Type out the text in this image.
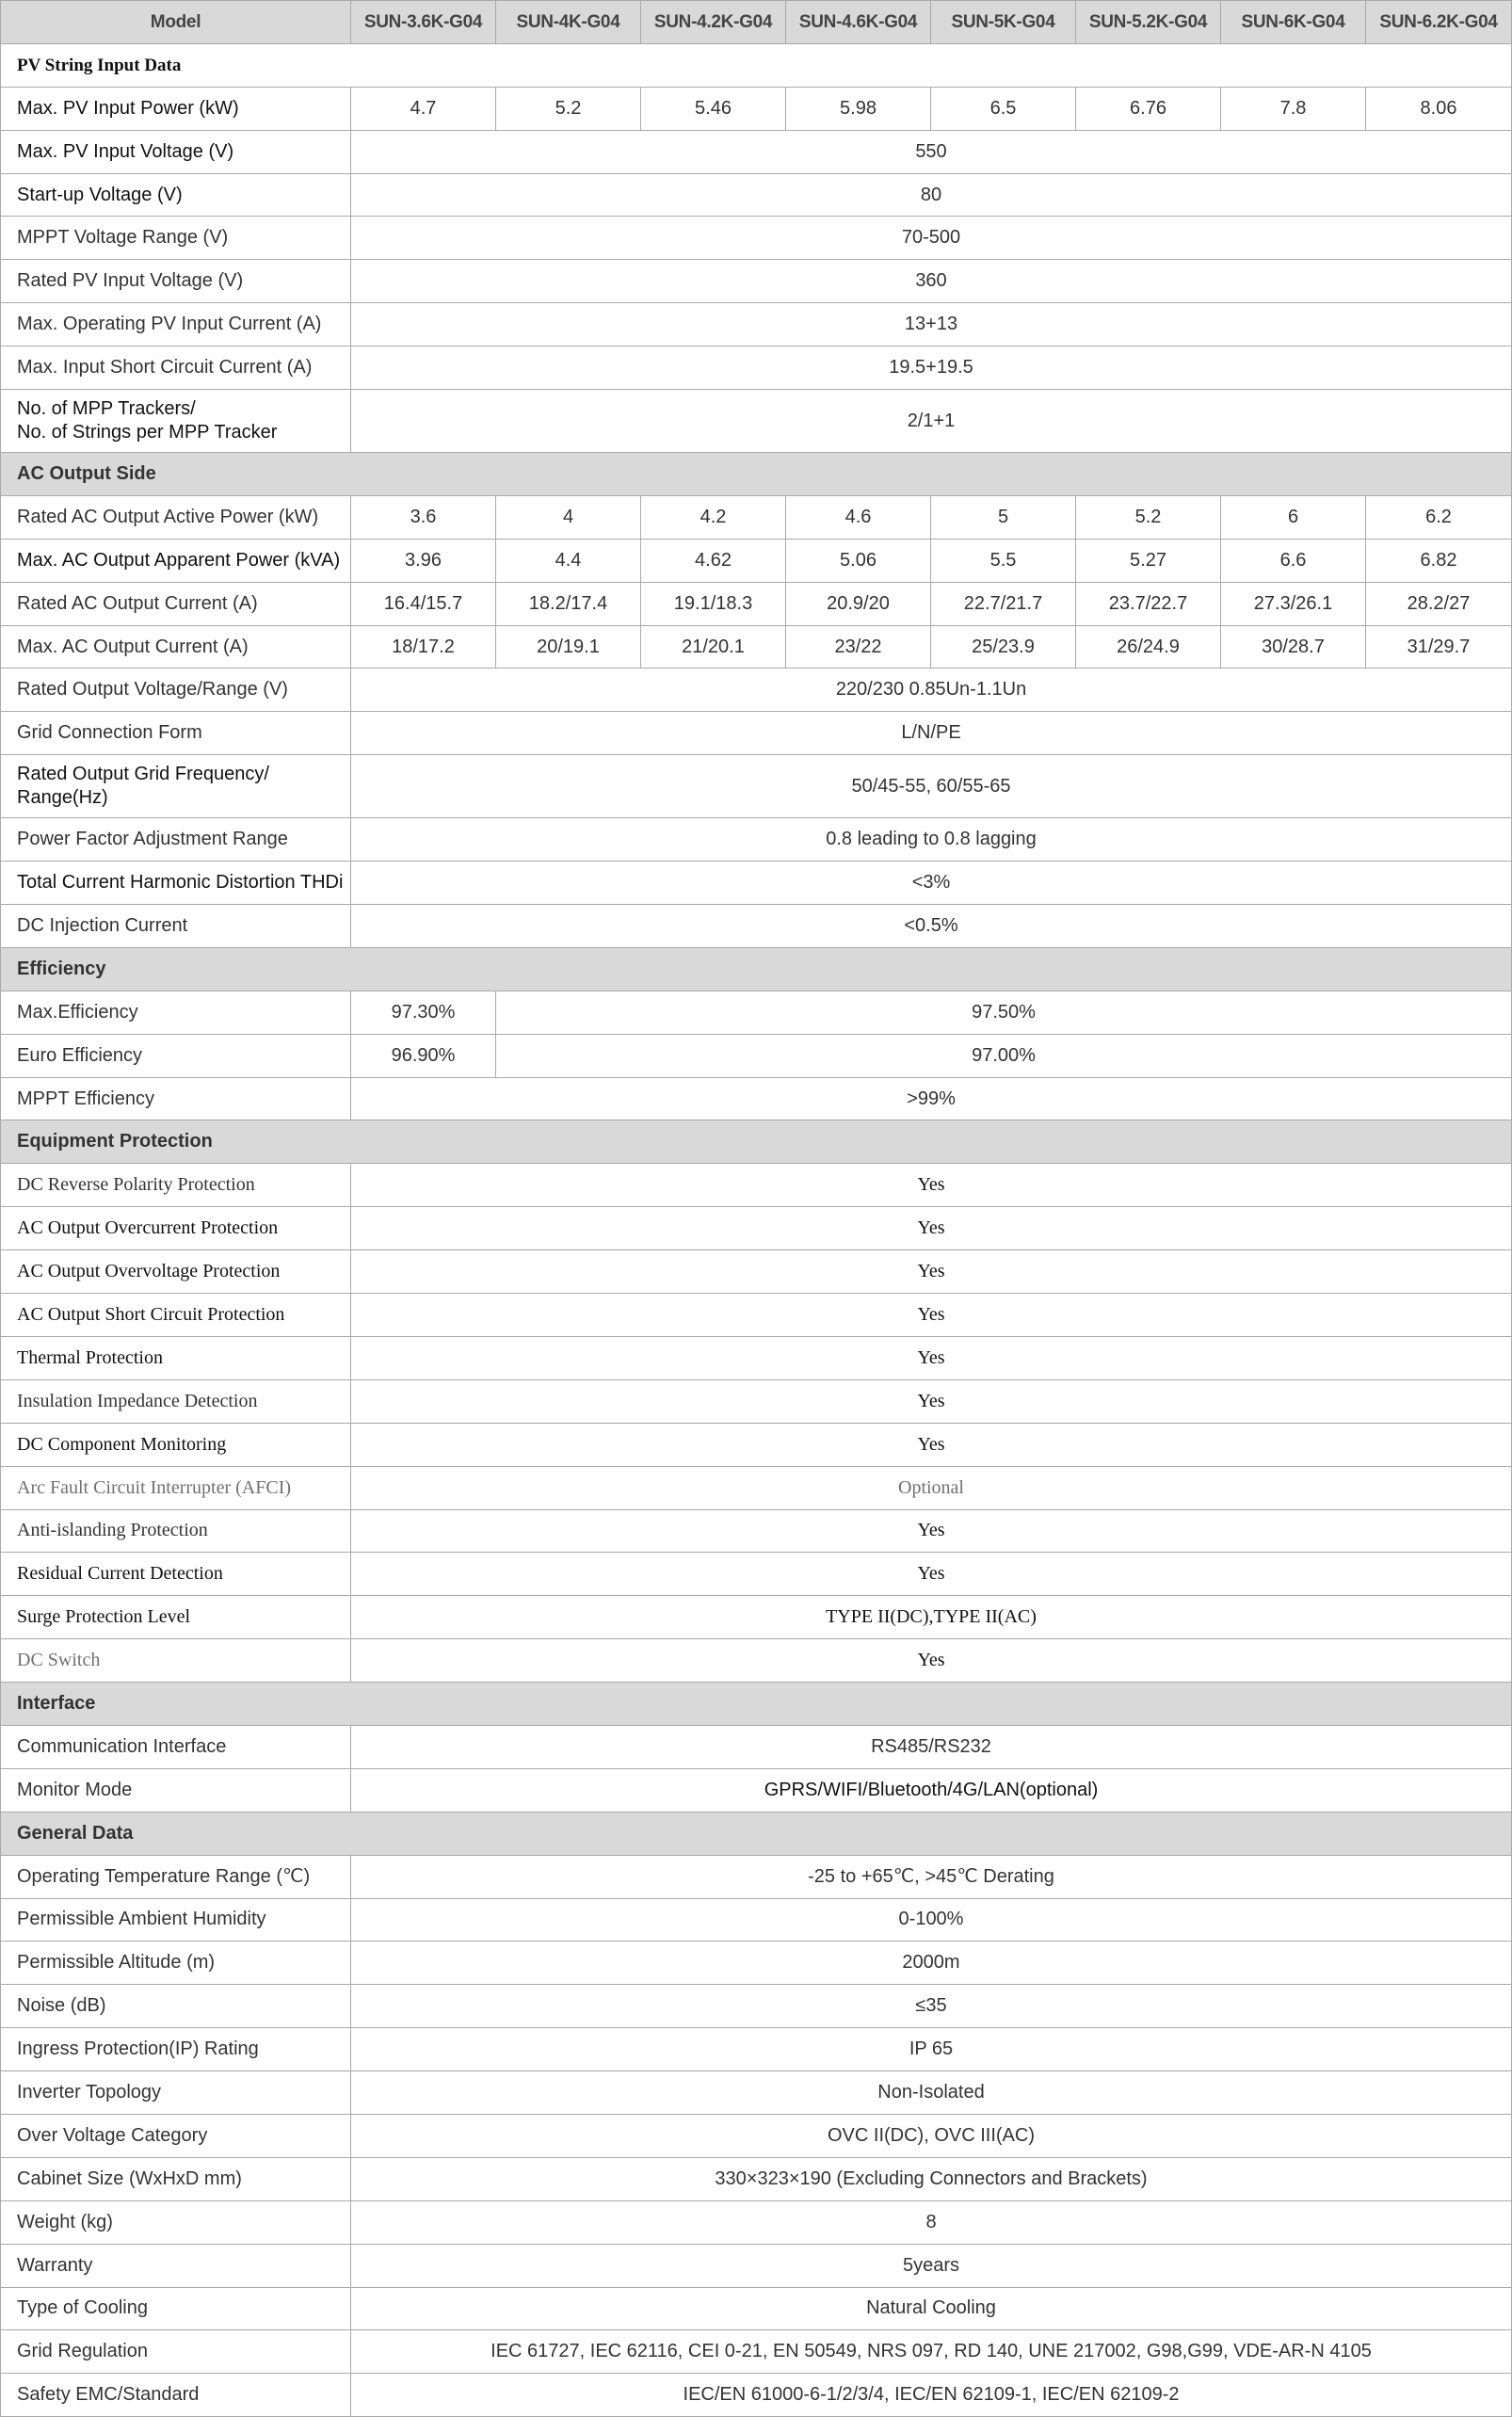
Model	SUN-3.6K-G04	SUN-4K-G04	SUN-4.2K-G04	SUN-4.6K-G04	SUN-5K-G04	SUN-5.2K-G04	SUN-6K-G04	SUN-6.2K-G04
PV String Input Data								
Max. PV Input Power (kW)	4.7	5.2	5.46	5.98	6.5	6.76	7.8	8.06
Max. PV Input Voltage (V)	550							
Start-up Voltage (V)	80							
MPPT Voltage Range (V)	70-500							
Rated PV Input Voltage (V)	360							
Max. Operating PV Input Current (A)	13+13							
Max. Input Short Circuit Current (A)	19.5+19.5							
No. of MPP Trackers/
No. of Strings per MPP Tracker	2/1+1							
AC Output Side								
Rated AC Output Active Power (kW)	3.6	4	4.2	4.6	5	5.2	6	6.2
Max. AC Output Apparent Power (kVA)	3.96	4.4	4.62	5.06	5.5	5.27	6.6	6.82
Rated AC Output Current (A)	16.4/15.7	18.2/17.4	19.1/18.3	20.9/20	22.7/21.7	23.7/22.7	27.3/26.1	28.2/27
Max. AC Output Current (A)	18/17.2	20/19.1	21/20.1	23/22	25/23.9	26/24.9	30/28.7	31/29.7
Rated Output Voltage/Range (V)	220/230 0.85Un-1.1Un							
Grid Connection Form	L/N/PE							
Rated Output Grid Frequency/
Range(Hz)	50/45-55, 60/55-65							
Power Factor Adjustment Range	0.8 leading to 0.8 lagging							
Total Current Harmonic Distortion THDi	<3%							
DC Injection Current	<0.5%							
Efficiency								
Max.Efficiency	97.30%	97.50%						
Euro Efficiency	96.90%	97.00%						
MPPT Efficiency	>99%							
Equipment Protection								
DC Reverse Polarity Protection	Yes							
AC Output Overcurrent Protection	Yes							
AC Output Overvoltage Protection	Yes							
AC Output Short Circuit Protection	Yes							
Thermal Protection	Yes							
Insulation Impedance Detection	Yes							
DC Component Monitoring	Yes							
Arc Fault Circuit Interrupter (AFCI)	Optional							
Anti-islanding Protection	Yes							
Residual Current Detection	Yes							
Surge Protection Level	TYPE II(DC),TYPE II(AC)							
DC Switch	Yes							
Interface								
Communication Interface	RS485/RS232							
Monitor Mode	GPRS/WIFI/Bluetooth/4G/LAN(optional)							
General Data								
Operating Temperature Range (℃)	-25 to +65℃, >45℃ Derating							
Permissible Ambient Humidity	0-100%							
Permissible Altitude (m)	2000m							
Noise (dB)	≤35							
Ingress Protection(IP) Rating	IP 65							
Inverter Topology	Non-Isolated							
Over Voltage Category	OVC II(DC), OVC III(AC)							
Cabinet Size (WxHxD mm)	330×323×190 (Excluding Connectors and Brackets)							
Weight (kg)	8							
Warranty	5years							
Type of Cooling	Natural Cooling							
Grid Regulation	IEC 61727, IEC 62116, CEI 0-21, EN 50549, NRS 097, RD 140, UNE 217002, G98,G99, VDE-AR-N 4105							
Safety EMC/Standard	IEC/EN 61000-6-1/2/3/4, IEC/EN 62109-1, IEC/EN 62109-2							
